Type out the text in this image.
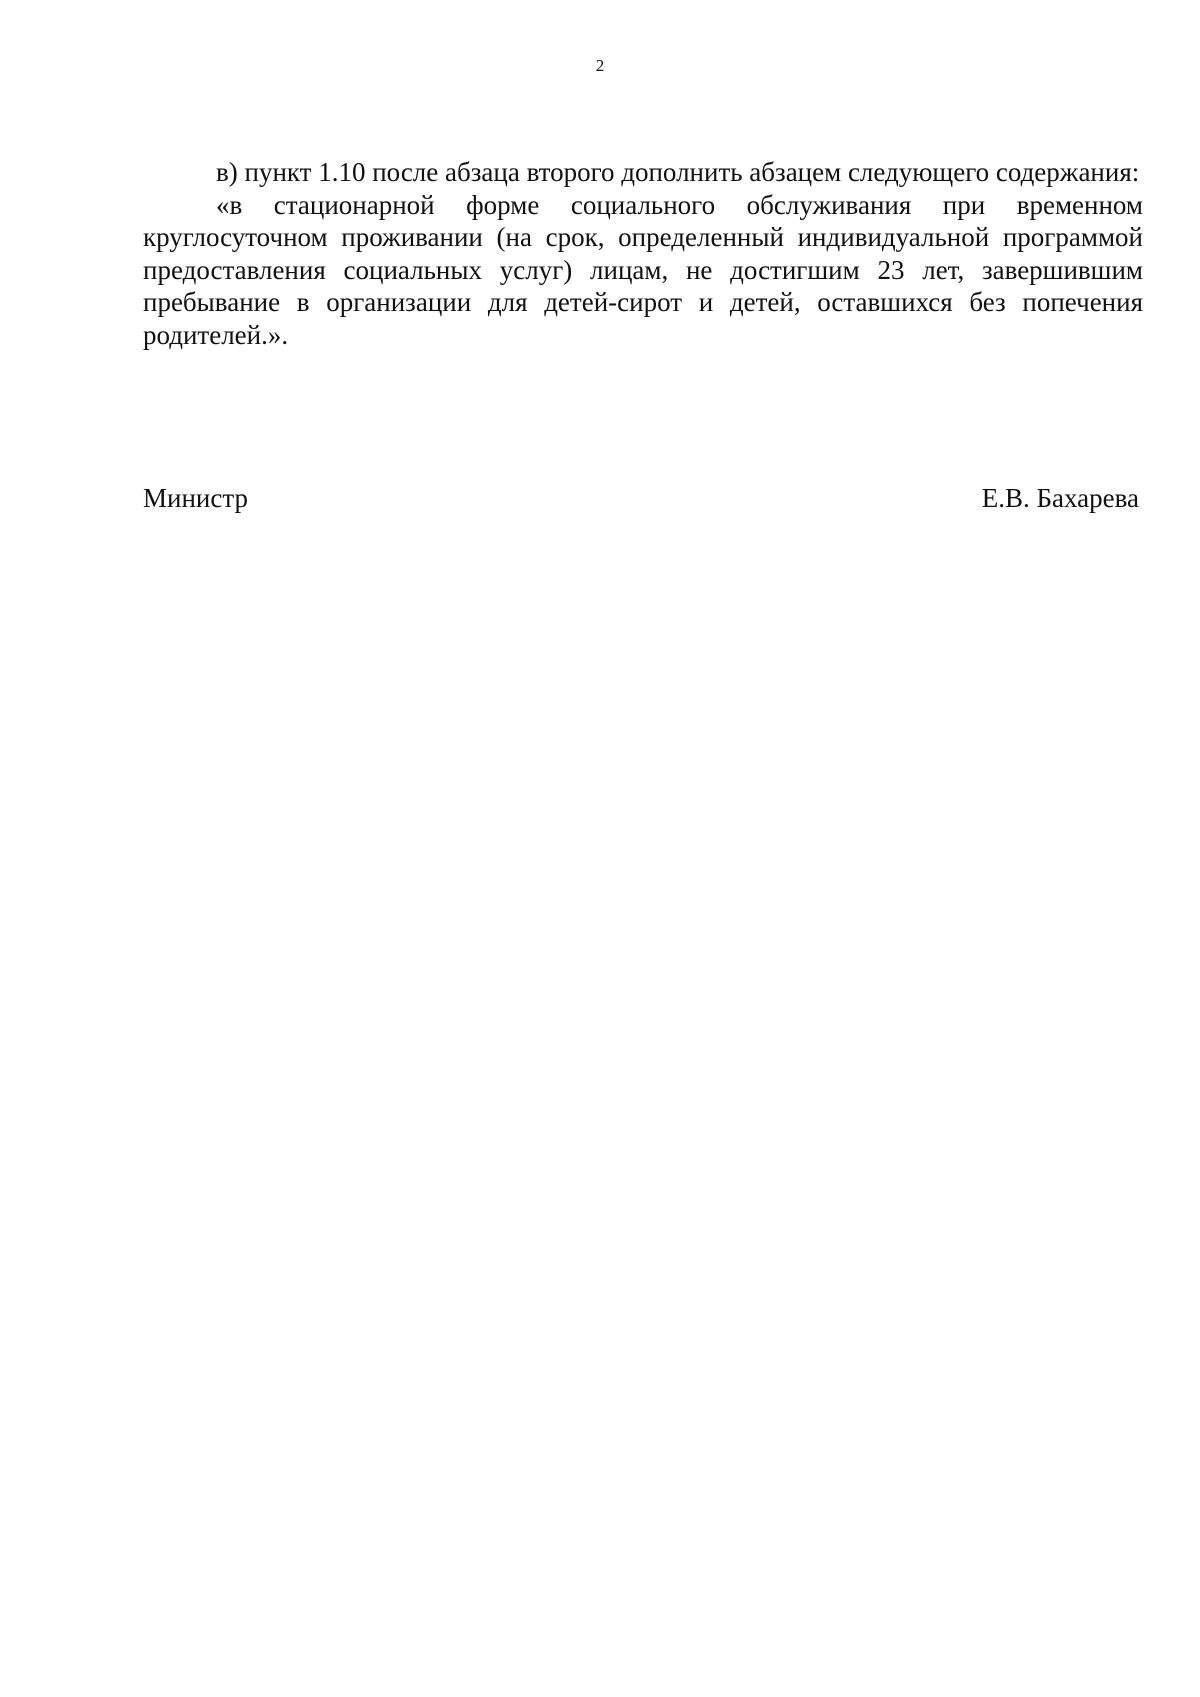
2

в) пункт 1.10 после абзаца второго дополнить абзацем следующего содержания:

«в стационарной форме социального обслуживания при временном круглосуточном проживании (на срок, определенный индивидуальной программой предоставления социальных услуг) лицам, не достигшим 23 лет, завершившим пребывание в организации для детей-сирот и детей, оставшихся без попечения родителей.».

Министр	Е.В. Бахарева
